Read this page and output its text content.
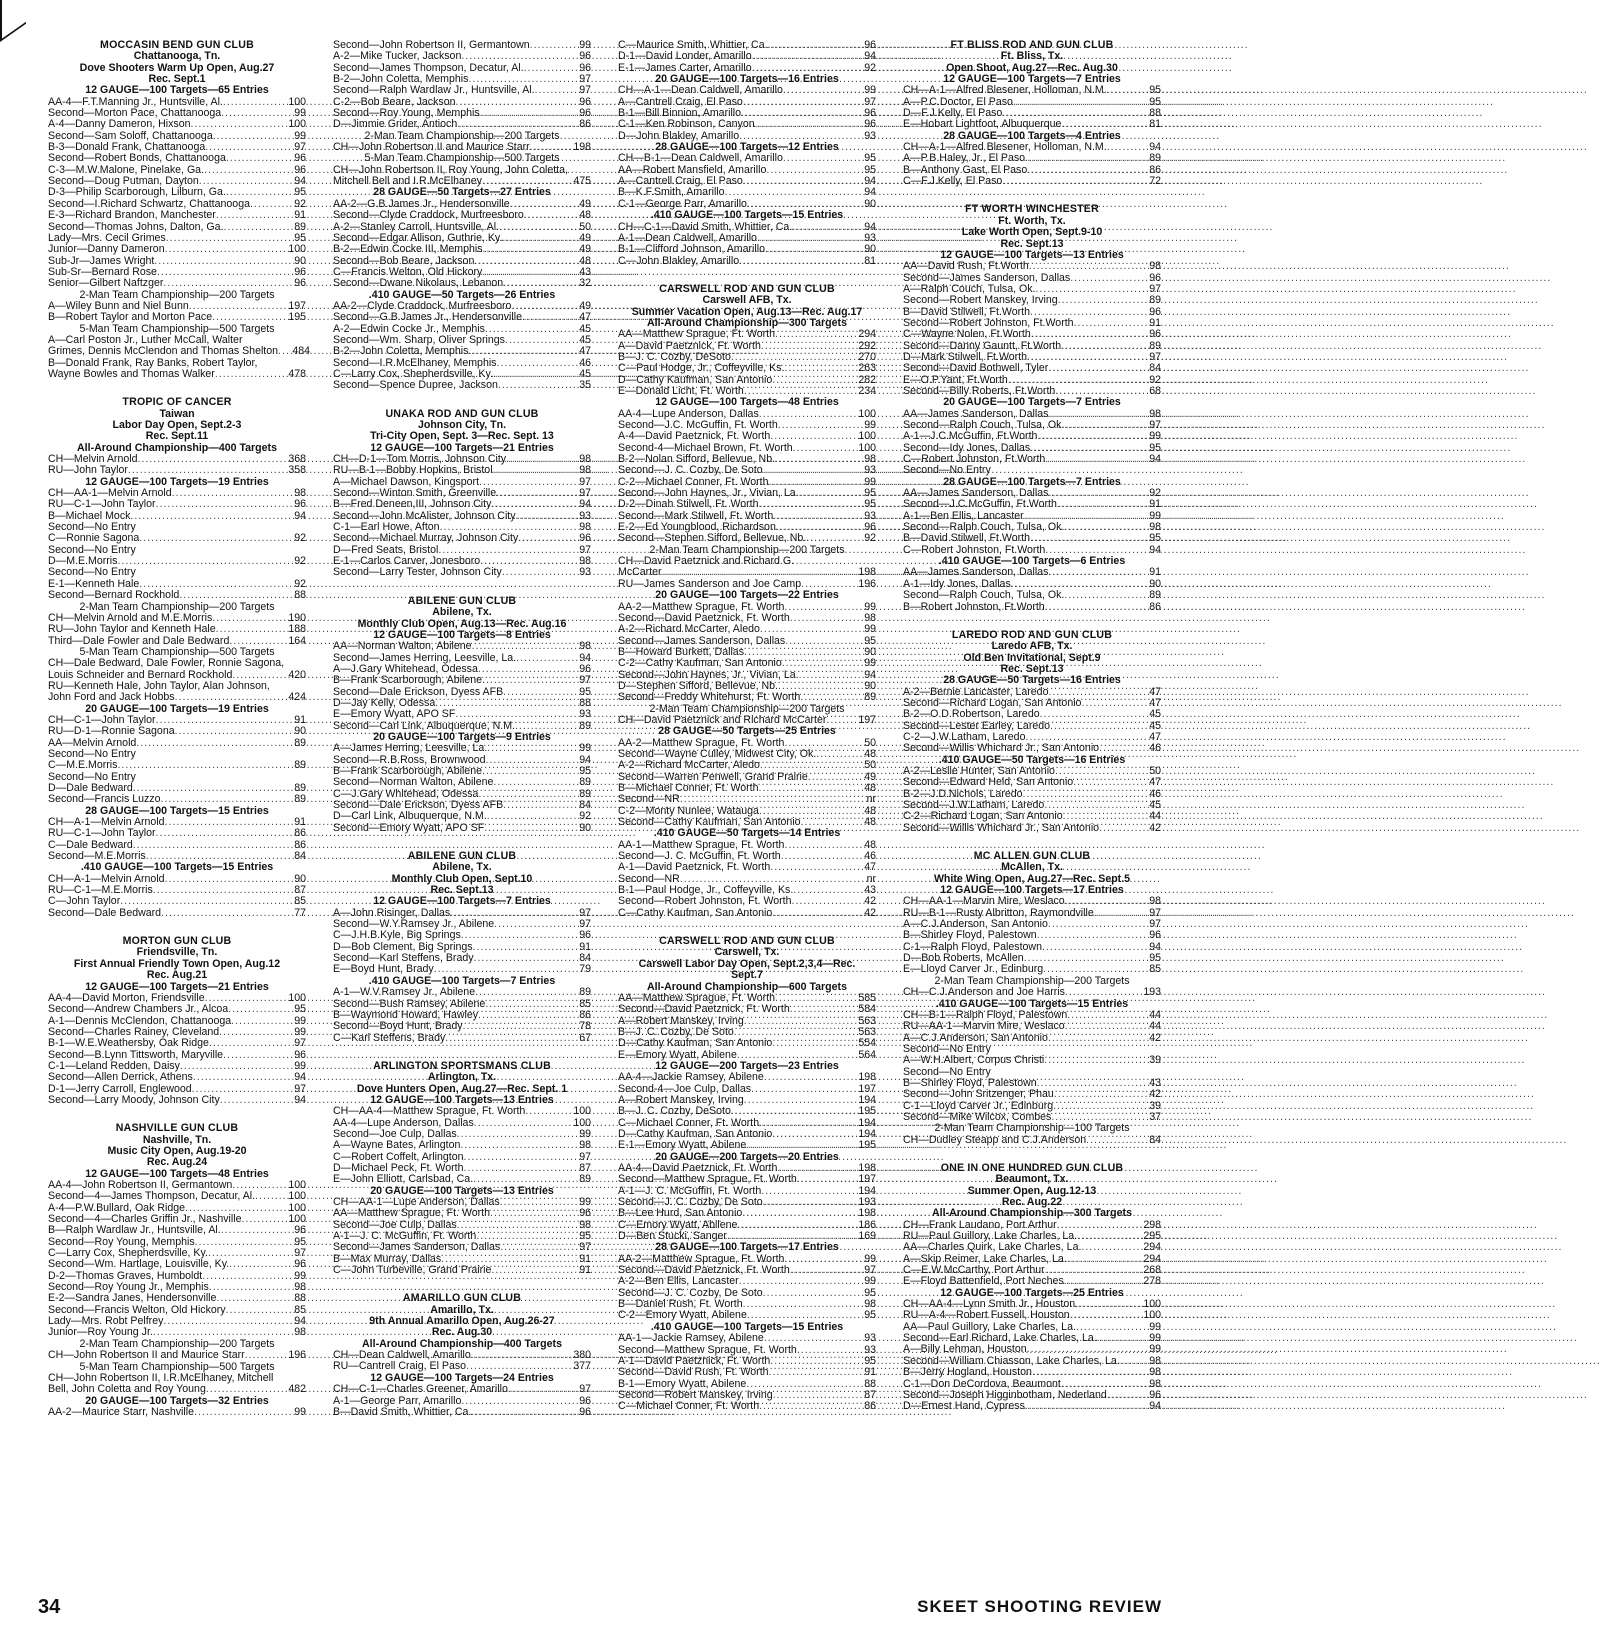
MOCCASIN BEND GUN CLUB
Chattanooga, Tn.
Dove Shooters Warm Up Open, Aug.27
Rec. Sept.1
12 GAUGE—100 Targets—65 Entries
AA-4—F.T.Manning Jr., Huntsville, Al. .....	100
Second—Morton Pace, Chattanooga .....	99
A-4—Danny Dameron, Hixson .....	100
Second—Sam Soloff, Chattanooga .....	99
B-3—Donald Frank, Chattanooga .....	97
Second—Robert Bonds, Chattanooga .....	96
C-3—M.W.Malone, Pinelake, Ga. .....	96
Second—Doug Putman, Dayton .....	94
D-3—Philip Scarborough, Lilburn, Ga. .....	95
Second—I.Richard Schwartz, Chattanooga .....	92
E-3—Richard Brandon, Manchester .....	91
Second—Thomas Johns, Dalton, Ga. .....	89
Lady—Mrs. Cecil Grimes .....	95
Junior—Danny Dameron .....	100
Sub-Jr—James Wright .....	90
Sub-Sr—Bernard Rose .....	96
Senior—Gilbert Naftzger .....	96
2-Man Team Championship—200 Targets
A—Wiley Bunn and Niel Bunn .....	197
B—Robert Taylor and Morton Pace .....	195
5-Man Team Championship—500 Targets
A—Carl Poston Jr., Luther McCall, Walter
Grimes, Dennis McClendon and Thomas Shelton .....	484
B—Donald Frank, Ray Banks, Robert Taylor,
Wayne Bowles and Thomas Walker .....	478
TROPIC OF CANCER
Taiwan
Labor Day Open, Sept.2-3
Rec. Sept.11
All-Around Championship—400 Targets
CH—Melvin Arnold .....	368
RU—John Taylor .....	358
12 GAUGE—100 Targets—19 Entries
CH—AA-1—Melvin Arnold .....	98
RU—C-1—John Taylor .....	96
B—Michael Mock .....	94
Second—No Entry
C—Ronnie Sagona .....	92
Second—No Entry
D—M.E.Morris .....	92
Second—No Entry
E-1—Kenneth Hale .....	92
Second—Bernard Rockhold .....	88
2-Man Team Championship—200 Targets
CH—Melvin Arnold and M.E.Morris .....	190
RU—John Taylor and Kenneth Hale .....	188
Third—Dale Fowler and Dale Bedward .....	164
5-Man Team Championship—500 Targets
CH—Dale Bedward, Dale Fowler, Ronnie Sagona,
Louis Schneider and Bernard Rockhold .....	420
RU—Kenneth Hale, John Taylor, Alan Johnson,
John Ford and Jack Hobbs .....	424
20 GAUGE—100 Targets—19 Entries
CH—C-1—John Taylor .....	91
RU—D-1—Ronnie Sagona .....	90
AA—Melvin Arnold .....	89
Second—No Entry
C—M.E.Morris .....	89
Second—No Entry
D—Dale Bedward .....	89
Second—Francis Luzzo .....	89
28 GAUGE—100 Targets—15 Entries
CH—A-1—Melvin Arnold .....	91
RU—C-1—John Taylor .....	86
C—Dale Bedward .....	86
Second—M.E.Morris .....	84
.410 GAUGE—100 Targets—15 Entries
CH—A-1—Melvin Arnold .....	90
RU—C-1—M.E.Morris .....	87
C—John Taylor .....	85
Second—Dale Bedward .....	77
MORTON GUN CLUB
Friendsville, Tn.
First Annual Friendly Town Open, Aug.12
Rec. Aug.21
12 GAUGE—100 Targets—21 Entries
AA-4—David Morton, Friendsville .....	100
Second—Andrew Chambers Jr., Alcoa .....	95
A-1—Dennis McClendon, Chattanooga .....	99
Second—Charles Rainey, Cleveland .....	99
B-1—W.E.Weathersby, Oak Ridge .....	97
Second—B.Lynn Tittsworth, Maryville .....	96
C-1—Leland Redden, Daisy .....	99
Second—Allen Derrick, Athens .....	94
D-1—Jerry Carroll, Englewood .....	97
Second—Larry Moody, Johnson City .....	94
NASHVILLE GUN CLUB
Nashville, Tn.
Music City Open, Aug.19-20
Rec. Aug.24
12 GAUGE—100 Targets—48 Entries
AA-4—John Robertson II, Germantown .....	100
Second—4—James Thompson, Decatur, Al. .....	100
A-4—P.W.Bullard, Oak Ridge .....	100
Second—4—Charles Griffin Jr., Nashville .....	100
B—Ralph Wardlaw Jr., Huntsville, Al. .....	96
Second—Roy Young, Memphis .....	95
C—Larry Cox, Shepherdsville, Ky. .....	97
Second—Wm. Hartlage, Louisville, Ky. .....	96
D-2—Thomas Graves, Humboldt .....	99
Second—Roy Young Jr., Memphis .....	98
E-2—Sandra Janes, Hendersonville .....	88
Second—Francis Welton, Old Hickory .....	85
Lady—Mrs. Robt Pelfrey .....	94
Junior—Roy Young Jr. .....	98
2-Man Team Championship—200 Targets
CH—John Robertson II and Maurice Starr .....	196
5-Man Team Championship—500 Targets
CH—John Robertson II, I.R.McElhaney, Mitchell
Bell, John Coletta and Roy Young .....	482
20 GAUGE—100 Targets—32 Entries
AA-2—Maurice Starr, Nashville .....	99
Second—John Robertson II, Germantown .....	99
A-2—Mike Tucker, Jackson .....	96
Second—James Thompson, Decatur, Al. .....	96
B-2—John Coletta, Memphis .....	97
Second—Ralph Wardlaw Jr., Huntsville, Al. .....	97
C-2—Bob Beare, Jackson .....	96
Second—Roy Young, Memphis .....	96
D—Jimmie Grider, Antioch .....	86
2-Man Team Championship—200 Targets
CH—John Robertson II and Maurice Starr .....	198
5-Man Team Championship—500 Targets
CH—John Robertson II, Roy Young, John Coletta,
Mitchell Bell and I.R.McElhaney .....	475
28 GAUGE—50 Targets—27 Entries
AA-2—G.B.James Jr., Hendersonville .....	49
Second—Clyde Craddock, Murfreesboro .....	48
A-2—Stanley Carroll, Huntsville, Al. .....	50
Second—Edgar Allison, Guthrie, Ky. .....	49
B-2—Edwin Cocke III, Memphis .....	49
Second—Bob Beare, Jackson .....	48
C—Francis Welton, Old Hickory .....	43
Second—Dwane Nikolaus, Lebanon .....	32
.410 GAUGE—50 Targets—26 Entries
AA-2—Clyde Craddock, Murfreesboro .....	49
Second—G.B.James Jr., Hendersonville .....	47
A-2—Edwin Cocke Jr., Memphis .....	45
Second—Wm. Sharp, Oliver Springs .....	45
B-2—John Coletta, Memphis .....	47
Second—I.R.McElhaney, Memphis .....	46
C—Larry Cox, Shepherdsville, Ky. .....	45
Second—Spence Dupree, Jackson .....	35
UNAKA ROD AND GUN CLUB
Johnson City, Tn.
Tri-City Open, Sept. 3—Rec. Sept. 13
12 GAUGE—100 Targets—21 Entries
CH—D-1—Tom Morris, Johnson City .....	98
RU—B-1—Bobby Hopkins, Bristol .....	98
A—Michael Dawson, Kingsport .....	97
Second—Winton Smith, Greenville .....	97
B—Fred Deneen,III, Johnson City .....	94
Second—John McAlister, Johnson City .....	93
C-1—Earl Howe, Afton .....	98
Second—Michael Murray, Johnson City .....	96
D—Fred Seats, Bristol .....	97
E-1—Carlos Carver, Jonesboro .....	98
Second—Larry Tester, Johnson City .....	93
ABILENE GUN CLUB
Abilene, Tx.
Monthly Club Open, Aug.13—Rec. Aug.16
12 GAUGE—100 Targets—8 Entries
AA—Norman Walton, Abilene .....	98
Second—James Herring, Leesville, La. .....	94
A—J.Gary Whitehead, Odessa .....	96
B—Frank Scarborough, Abilene .....	97
Second—Dale Erickson, Dyess AFB .....	95
D—Jay Kelly, Odessa .....	88
E—Emory Wyatt, APO SF .....	93
Second—Carl Link, Albuquerque, N.M. .....	89
20 GAUGE—100 Targets—9 Entries
A—James Herring, Leesville, La. .....	99
Second—R.B.Ross, Brownwood .....	94
B—Frank Scarborough, Abilene .....	95
Second—Norman Walton, Abilene .....	89
C—J.Gary Whitehead, Odessa .....	89
Second—Dale Erickson, Dyess AFB .....	84
D—Carl Link, Albuquerque, N.M. .....	92
Second—Emory Wyatt, APO SF .....	90
ABILENE GUN CLUB
Abilene, Tx.
Monthly Club Open, Sept.10
Rec. Sept.13
12 GAUGE—100 Targets—7 Entries
A—John Risinger, Dallas .....	97
Second—W.Y.Ramsey Jr., Abilene .....	97
C—J.H.B.Kyle, Big Springs .....	96
D—Bob Clement, Big Springs .....	91
Second—Karl Steffens, Brady .....	84
E—Boyd Hunt, Brady .....	79
.410 GAUGE—100 Targets—7 Entries
A-1—W.V.Ramsey Jr., Abilene .....	89
Second—Bush Ramsey, Abilene .....	85
B—Waymond Howard, Hawley .....	86
Second—Boyd Hunt, Brady .....	78
C—Karl Steffens, Brady .....	67
ARLINGTON SPORTSMANS CLUB
Arlington, Tx.
Dove Hunters Open, Aug.27—Rec. Sept. 1
12 GAUGE—100 Targets—13 Entries
CH—AA-4—Matthew Sprague, Ft. Worth .....	100
AA-4—Lupe Anderson, Dallas .....	100
Second—Joe Culp, Dallas .....	99
A—Wayne Bates, Arlington .....	98
C—Robert Coffelt, Arlington .....	97
D—Michael Peck, Ft. Worth .....	87
E—John Elliott, Carlsbad, Ca. .....	89
20 GAUGE—100 Targets—13 Entries
CH—AA-1—Lupe Anderson, Dallas .....	99
AA—Matthew Sprague, Ft. Worth .....	96
Second—Joe Culp, Dallas .....	98
A-1—J. C. McGuffin, Ft. Worth .....	95
Second—James Sanderson, Dallas .....	97
B—Max Murray, Dallas .....	91
C—John Turbeville, Grand Prairie .....	91
AMARILLO GUN CLUB
Amarillo, Tx.
9th Annual Amarillo Open, Aug.26-27
Rec. Aug.30
All-Around Championship—400 Targets
CH—Dean Caldwell, Amarillo .....	380
RU—Cantrell Craig, El Paso .....	377
12 GAUGE—100 Targets—24 Entries
CH—C-1—Charles Greener, Amarillo .....	97
A-1—George Parr, Amarillo .....	96
B—David Smith, Whittier, Ca. .....	96
C—Maurice Smith, Whittier, Ca. .....	96
D-1—David Londer, Amarillo .....	94
E-1—James Carter, Amarillo .....	92
20 GAUGE—100 Targets—16 Entries
CH—A-1—Dean Caldwell, Amarillo .....	99
A—Cantrell Craig, El Paso .....	97
B-1—Bill Binnion, Amarillo .....	96
C-1—Ken Robinson, Canyon .....	96
D—John Blakley, Amarillo .....	93
28 GAUGE—100 Targets—12 Entries
CH—B-1—Dean Caldwell, Amarillo .....	95
AA—Robert Mansfield, Amarillo .....	95
A—Cantrell Craig, El Paso .....	94
B—K.F.Smith, Amarillo .....	94
C-1—George Parr, Amarillo .....	90
.410 GAUGE—100 Targets—15 Entries
CH—C-1—David Smith, Whittier, Ca. .....	94
A-1—Dean Caldwell, Amarillo .....	93
B-1—Clifford Johnson, Amarillo .....	90
C—John Blakley, Amarillo .....	81
CARSWELL ROD AND GUN CLUB
Carswell AFB, Tx.
Summer Vacation Open, Aug.13—Rec. Aug.17
All-Around Championship—300 Targets
AA—Matthew Sprague, Ft. Worth .....	294
A—David Paetznick, Ft. Worth .....	292
B—J. C. Cozby, DeSoto .....	270
C—Paul Hodge, Jr., Coffeyville, Ks. .....	263
D—Cathy Kaufman, San Antonio .....	282
E—Donald Licht, Ft. Worth .....	234
12 GAUGE—100 Targets—48 Entries
AA-4—Lupe Anderson, Dallas .....	100
Second—J.C. McGuffin, Ft. Worth .....	99
A-4—David Paetznick, Ft. Worth .....	100
Second-4—Michael Brown, Ft. Worth .....	100
B-2—Nolan Sifford, Bellevue, Nb. .....	98
Second—J. C. Cozby, De Soto .....	93
C-2—Michael Conner, Ft. Worth .....	99
Second—John Haynes, Jr., Vivian, La. .....	95
D-2—Dinah Stilwell, Ft. Worth .....	95
Second—Mark Stilwell, Ft. Worth .....	93
E-2—Ed Youngblood, Richardson .....	96
Second—Stephen Sifford, Bellevue, Nb. .....	92
2-Man Team Championship—200 Targets
CH—David Paetznick and Richard G.
McCarter .....	198
RU—James Sanderson and Joe Camp .....	196
20 GAUGE—100 Targets—22 Entries
AA-2—Matthew Sprague, Ft. Worth .....	99
Second—David Paetznick, Ft. Worth .....	98
A-2—Richard McCarter, Aledo .....	99
Second—James Sanderson, Dallas .....	95
B—Howard Burkett, Dallas .....	90
C-2—Cathy Kaufman, San Antonio .....	99
Second—John Haynes, Jr., Vivian, La. .....	94
D—Stephen Sifford, Bellevue, Nb. .....	90
Second—Freddy Whitehurst, Ft. Worth .....	89
2-Man Team Championship—200 Targets
CH—David Paetznick and Richard McCarter .....	197
28 GAUGE—50 Targets—25 Entries
AA-2—Matthew Sprague, Ft. Worth .....	50
Second—Wayne Culley, Midwest City, Ok. .....	48
A-2—Richard McCarter, Aledo .....	50
Second—Warren Penwell, Grand Prairie .....	49
B—Michael Conner, Ft. Worth .....	48
Second—NR .....	nr
C-2—Monty Nunlee, Watauga .....	48
Second—Cathy Kaufman, San Antonio .....	48
.410 GAUGE—50 Targets—14 Entries
AA-1—Matthew Sprague, Ft. Worth .....	48
Second—J. C. McGuffin, Ft. Worth .....	46
A-1—David Paetznick, Ft. Worth .....	47
Second—NR .....	nr
B-1—Paul Hodge, Jr., Coffeyville, Ks. .....	43
Second—Robert Johnston, Ft. Worth .....	42
C—Cathy Kaufman, San Antonio .....	42
CARSWELL ROD AND GUN CLUB
Carswell, Tx.
Carswell Labor Day Open, Sept.2,3,4—Rec.
Sept.7
All-Around Championship—600 Targets
AA—Matthew Sprague, Ft. Worth .....	585
Second—David Paetznick, Ft. Worth .....	584
A—Robert Manskey, Irving .....	563
B—J. C. Cozby, De Soto .....	563
D—Cathy Kaufman, San Antonio .....	554
E—Emory Wyatt, Abilene .....	564
12 GAUGE—200 Targets—23 Entries
AA-4—Jackie Ramsey, Abilene .....	198
Second-4—Joe Culp, Dallas .....	197
A—Robert Manskey, Irving .....	194
B—J. C. Cozby, DeSoto .....	195
C—Michael Conner, Ft. Worth .....	194
D—Cathy Kaufman, San Antonio .....	194
E-1—Emory Wyatt, Abilene .....	195
20 GAUGE—200 Targets—20 Entries
AA-4—David Paetznick, Ft. Worth .....	198
Second—Matthew Sprague, Ft. Worth .....	197
A-1—J. C. McGuffin, Ft. Worth .....	194
Second—J. C. Cozby, De Soto .....	193
B—Lee Hurd, San Antonio .....	198
C—Emory Wyatt, Abilene .....	186
D—Ben Stucki, Sanger .....	169
28 GAUGE—100 Targets—17 Entries
AA-2—Matthew Sprague, Ft. Worth .....	99
Second—David Paetznick, Ft. Worth .....	97
A-2—Ben Ellis, Lancaster .....	99
Second—J. C. Cozby, De Soto .....	95
B—Daniel Rush, Ft. Worth .....	98
C-2—Emory Wyatt, Abilene .....	95
.410 GAUGE—100 Targets—15 Entries
AA-1—Jackie Ramsey, Abilene .....	93
Second—Matthew Sprague, Ft. Worth .....	93
A-1—David Paetznick, Ft. Worth .....	95
Second—David Rush, Ft. Worth .....	91
B-1—Emory Wyatt, Abilene .....	88
Second—Robert Manskey, Irving .....	87
C—Michael Conner, Ft. Worth .....	86
FT BLISS ROD AND GUN CLUB
Ft. Bliss, Tx.
Open Shoot, Aug.27—Rec. Aug.30
12 GAUGE—100 Targets—7 Entries
CH—A-1—Alfred Blesener, Holloman, N.M. .....	95
A—P.C.Doctor, El Paso .....	95
D—F.J.Kelly, El Paso .....	88
E—Hobart Lightfoot, Albuquerque .....	81
28 GAUGE—100 Targets—4 Entries
CH—A-1—Alfred Blesener, Holloman, N.M. .....	94
A—P.B.Haley, Jr., El Paso .....	89
B—Anthony Gast, El Paso .....	86
C—F.J.Kelly, El Paso .....	72
FT WORTH WINCHESTER
Ft. Worth, Tx.
Lake Worth Open, Sept.9-10
Rec. Sept.13
12 GAUGE—100 Targets—13 Entries
AA—David Rush, Ft.Worth .....	98
Second—James Sanderson, Dallas .....	96
A—Ralph Couch, Tulsa, Ok. .....	97
Second—Robert Manskey, Irving .....	89
B—David Stilwell, Ft.Worth .....	96
Second—Robert Johnston, Ft.Worth .....	91
C—Wayne Nolen, Ft.Worth .....	96
Second—Danny Gauntt, Ft.Worth .....	89
D—Mark Stilwell, Ft.Worth .....	97
Second—David Bothwell, Tyler .....	84
E—O.P.Yant, Ft.Worth .....	92
Second—Billy Roberts, Ft.Worth .....	68
20 GAUGE—100 Targets—7 Entries
AA—James Sanderson, Dallas .....	98
Second—Ralph Couch, Tulsa, Ok. .....	97
A-1—J.C.McGuffin, Ft.Worth .....	99
Second—Idy Jones, Dallas .....	95
C—Robert Johnston, Ft.Worth .....	94
Second—No Entry
28 GAUGE—100 Targets—7 Entries
AA—James Sanderson, Dallas .....	92
Second—J.C.McGuffin, Ft.Worth .....	91
A-1—Ben Ellis, Lancaster .....	99
Second—Ralph Couch, Tulsa, Ok. .....	98
B—David Stilwell, Ft.Worth .....	95
C—Robert Johnston, Ft.Worth .....	94
.410 GAUGE—100 Targets—6 Entries
AA—James Sanderson, Dallas .....	91
A-1—Idy Jones, Dallas .....	90
Second—Ralph Couch, Tulsa, Ok. .....	89
B—Robert Johnston, Ft.Worth .....	86
LAREDO ROD AND GUN CLUB
Laredo AFB, Tx.
Old Ben Invitational, Sept.9
Rec. Sept.13
28 GAUGE—50 Targets—16 Entries
A-2—Bernie Lancaster, Laredo .....	47
Second—Richard Logan, San Antonio .....	47
B-2—O.D.Robertson, Laredo .....	45
Second—Lester Earley, Laredo .....	45
C-2—J.W.Latham, Laredo .....	47
Second—Willis Whichard Jr., San Antonio .....	46
.410 GAUGE—50 Targets—16 Entries
A-2—Leslie Hunter, San Antonio .....	50
Second—Edward Held, San Antonio .....	47
B-2—J.D.Nichols, Laredo .....	46
Second—J.W.Latham, Laredo .....	45
C-2—Richard Logan, San Antonio .....	44
Second—Willis Whichard Jr., San Antonio .....	42
MC ALLEN GUN CLUB
McAllen, Tx.
White Wing Open, Aug.27—Rec. Sept.5
12 GAUGE—100 Targets—17 Entries
CH—AA-1—Marvin Mire, Weslaco .....	98
RU—B-1—Rusty Albritton, Raymondville .....	97
A—C.J.Anderson, San Antonio .....	97
B—Shirley Floyd, Palestown .....	96
C-1—Ralph Floyd, Palestown .....	94
D—Bob Roberts, McAllen .....	95
E—Lloyd Carver Jr., Edinburg .....	85
2-Man Team Championship—200 Targets
CH—C.J.Anderson and Joe Harris .....	193
.410 GAUGE—100 Targets—15 Entries
CH—B-1—Ralph Floyd, Palestown .....	44
RU—AA-1—Marvin Mire, Weslaco .....	44
A—C.J.Anderson, San Antonio .....	42
Second—No Entry
A—W.H.Albert, Corpus Christi .....	39
Second—No Entry
B—Shirley Floyd, Palestown .....	43
Second—John Sritzenger, Phau .....	42
C-1—Lloyd Carver Jr., Edinburg .....	39
Second—Mike Wilcox, Combes .....	37
2-Man Team Championship—100 Targets
CH—Dudley Steapp and C.J.Anderson .....	84
ONE IN ONE HUNDRED GUN CLUB
Beaumont, Tx.
Summer Open, Aug.12-13
Rec. Aug.22
All-Around Championship—300 Targets
CH—Frank Laudano, Port Arthur .....	298
RU—Paul Guillory, Lake Charles, La. .....	295
AA—Charles Quirk, Lake Charles, La. .....	294
A—Skip Reimer, Lake Charles, La. .....	294
C—E.W.McCarthy, Port Arthur .....	268
E—Floyd Battenfield, Port Neches .....	278
12 GAUGE—100 Targets—25 Entries
CH—AA-4—Lynn Smith Jr., Houston .....	100
RU—A-4—Robert Fussell, Houston .....	100
AA—Paul Guillory, Lake Charles, La. .....	99
Second—Earl Richard, Lake Charles, La. .....	99
A—Billy Lehman, Houston .....	99
Second—William Chiasson, Lake Charles, La. .....	98
B—Jerry Hogland, Houston .....	98
C-1—Don DeCordova, Beaumont .....	98
Second—Joseph Higginbotham, Nederland .....	96
D—Ernest Hand, Cypress .....	94
34	SKEET SHOOTING REVIEW
